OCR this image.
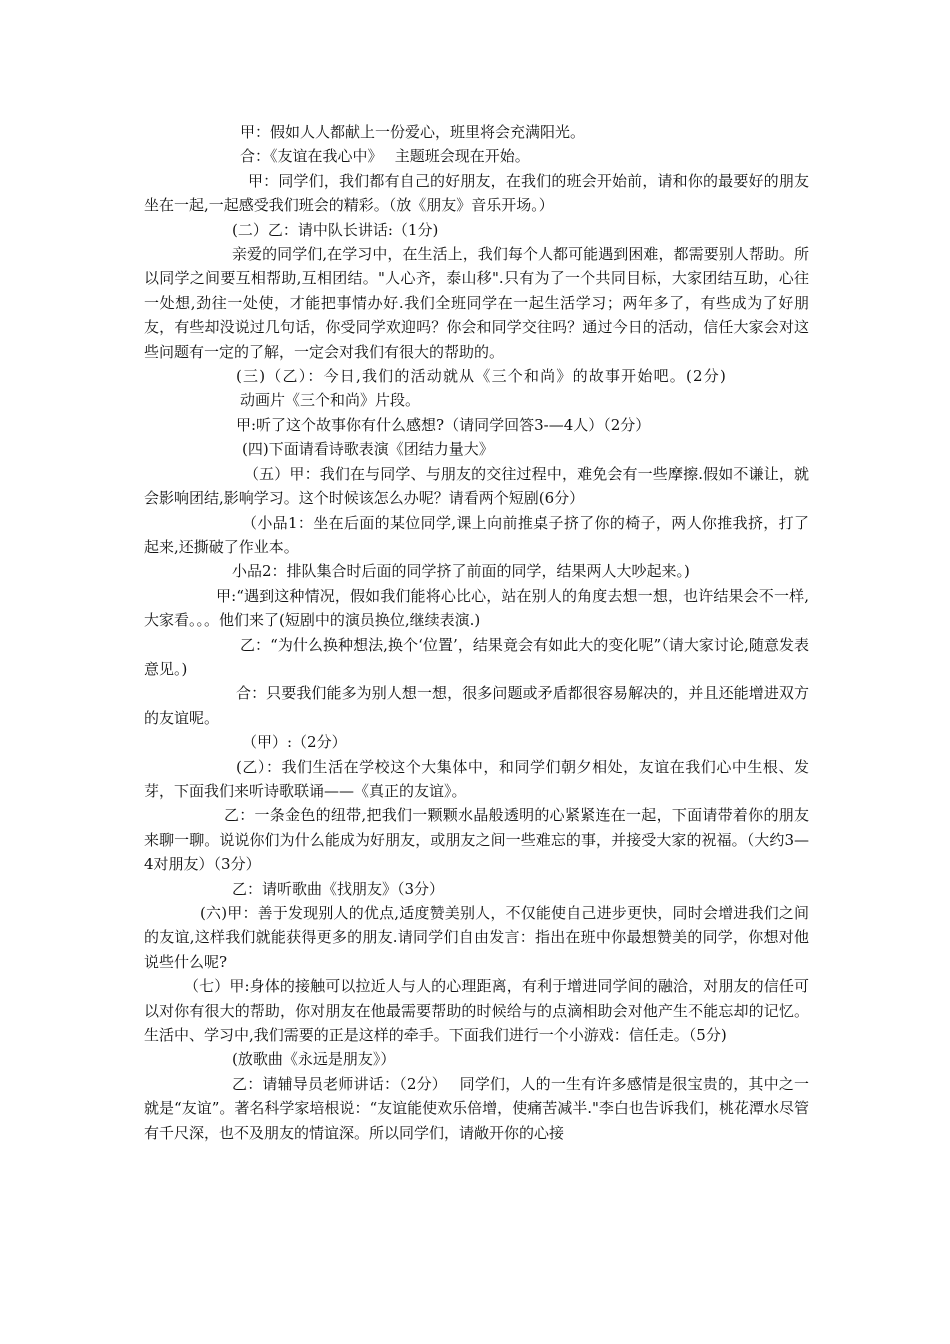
甲：假如人人都献上一份爱心，班里将会充满阳光。

合：《友谊在我心中》　 主题班会现在开始。

甲：同学们，我们都有自己的好朋友，在我们的班会开始前，请和你的最要好的朋友坐在一起,一起感受我们班会的精彩。（放《朋友》音乐开场。）

(二）乙：请中队长讲话:（1分)

亲爱的同学们,在学习中，在生活上，我们每个人都可能遇到困难，都需要别人帮助。所以同学之间要互相帮助,互相团结。"人心齐，泰山移".只有为了一个共同目标，大家团结互助，心往一处想,劲往一处使，才能把事情办好.我们全班同学在一起生活学习；两年多了，有些成为了好朋友，有些却没说过几句话，你受同学欢迎吗？你会和同学交往吗？通过今日的活动，信任大家会对这些问题有一定的了解，一定会对我们有很大的帮助的。

(三)（乙）：今日,我们的活动就从《三个和尚》的故事开始吧。(2分)

动画片《三个和尚》片段。

甲:听了这个故事你有什么感想?（请同学回答3-—4人）（2分）

(四)下面请看诗歌表演《团结力量大》

（五）甲：我们在与同学、与朋友的交往过程中，难免会有一些摩擦.假如不谦让，就会影响团结,影响学习。这个时候该怎么办呢？请看两个短剧(6分）

（小品1：坐在后面的某位同学,课上向前推桌子挤了你的椅子，两人你推我挤，打了起来,还撕破了作业本。

小品2：排队集合时后面的同学挤了前面的同学，结果两人大吵起来。)

甲:“遇到这种情况，假如我们能将心比心，站在别人的角度去想一想，也许结果会不一样,大家看。。。他们来了(短剧中的演员换位,继续表演.)

乙：“为什么换种想法,换个‘位置’，结果竟会有如此大的变化呢”（请大家讨论,随意发表意见。)

合：只要我们能多为别人想一想，很多问题或矛盾都很容易解决的，并且还能增进双方的友谊呢。

（甲）:（2分）

(乙）：我们生活在学校这个大集体中，和同学们朝夕相处，友谊在我们心中生根、发芽，下面我们来听诗歌联诵——《真正的友谊》。

乙：一条金色的纽带,把我们一颗颗水晶般透明的心紧紧连在一起，下面请带着你的朋友来聊一聊。说说你们为什么能成为好朋友，或朋友之间一些难忘的事，并接受大家的祝福。（大约3—4对朋友）（3分）

乙：请听歌曲《找朋友》（3分）

(六)甲：善于发现别人的优点,适度赞美别人，不仅能使自己进步更快，同时会增进我们之间的友谊,这样我们就能获得更多的朋友.请同学们自由发言：指出在班中你最想赞美的同学，你想对他说些什么呢?

（七）甲:身体的接触可以拉近人与人的心理距离，有利于增进同学间的融洽，对朋友的信任可以对你有很大的帮助，你对朋友在他最需要帮助的时候给与的点滴相助会对他产生不能忘却的记忆。生活中、学习中,我们需要的正是这样的牵手。下面我们进行一个小游戏：信任走。（5分)

(放歌曲《永远是朋友》）

乙：请辅导员老师讲话：（2分）　 同学们，人的一生有许多感情是很宝贵的，其中之一就是“友谊”。著名科学家培根说：“友谊能使欢乐倍增，使痛苦减半."李白也告诉我们，桃花潭水尽管有千尺深，也不及朋友的情谊深。所以同学们，请敞开你的心接
